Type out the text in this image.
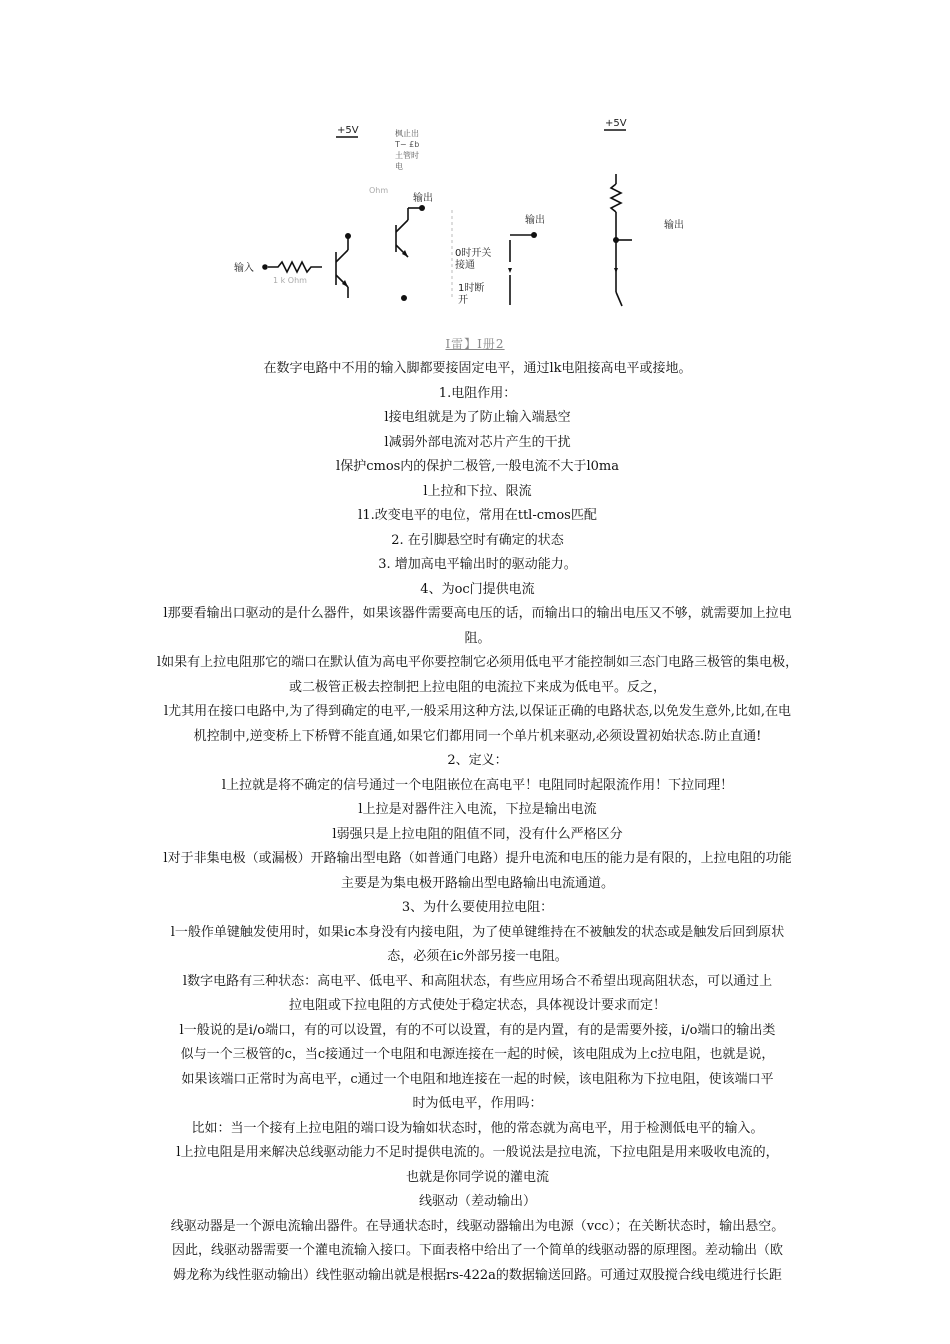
+5V	枫止出
T− £b
土管时
电
Ohm
输出
输出	输出
+5V
输入
1 k Ohm
0时开关
接通
1时断
开
I雷】I册2

在数字电路中不用的输入脚都要接固定电平，通过lk电阻接高电平或接地。

1.电阻作用：

l接电组就是为了防止输入端悬空

l减弱外部电流对芯片产生的干扰

l保护cmos内的保护二极管,一般电流不大于l0ma

l上拉和下拉、限流

l1.改变电平的电位，常用在ttl-cmos匹配

2. 在引脚悬空时有确定的状态

3. 增加高电平输出时的驱动能力。

4、为oc门提供电流

l那要看输出口驱动的是什么器件，如果该器件需要高电压的话，而输出口的输出电压又不够，就需要加上拉电

阻。

l如果有上拉电阻那它的端口在默认值为高电平你要控制它必须用低电平才能控制如三态门电路三极管的集电极，

或二极管正极去控制把上拉电阻的电流拉下来成为低电平。反之，

l尤其用在接口电路中,为了得到确定的电平,一般采用这种方法,以保证正确的电路状态,以免发生意外,比如,在电

机控制中,逆变桥上下桥臂不能直通,如果它们都用同一个单片机来驱动,必须设置初始状态.防止直通!

2、定义：

l上拉就是将不确定的信号通过一个电阻嵌位在高电平！电阻同时起限流作用！下拉同理！

l上拉是对器件注入电流，下拉是输出电流

l弱强只是上拉电阻的阻值不同，没有什么严格区分

l对于非集电极（或漏极）开路输出型电路（如普通门电路）提升电流和电压的能力是有限的，上拉电阻的功能

主要是为集电极开路输出型电路输出电流通道。

3、为什么要使用拉电阻：

l一般作单键触发使用时，如果ic本身没有内接电阻，为了使单键维持在不被触发的状态或是触发后回到原状

态，必须在ic外部另接一电阻。

l数字电路有三种状态：高电平、低电平、和高阻状态，有些应用场合不希望出现高阻状态，可以通过上

拉电阻或下拉电阻的方式使处于稳定状态，具体视设计要求而定！

l一般说的是i/o端口，有的可以设置，有的不可以设置，有的是内置，有的是需要外接，i/o端口的输出类

似与一个三极管的c，当c接通过一个电阻和电源连接在一起的时候，该电阻成为上c拉电阻，也就是说，

如果该端口正常时为高电平，c通过一个电阻和地连接在一起的时候，该电阻称为下拉电阻，使该端口平

时为低电平，作用吗：

比如：当一个接有上拉电阻的端口设为输如状态时，他的常态就为高电平，用于检测低电平的输入。

l上拉电阻是用来解决总线驱动能力不足时提供电流的。一般说法是拉电流，下拉电阻是用来吸收电流的，

也就是你同学说的灌电流

线驱动（差动输出）

线驱动器是一个源电流输出器件。在导通状态时，线驱动器输出为电源（vcc）；在关断状态时，输出悬空。

因此，线驱动器需要一个灌电流输入接口。下面表格中给出了一个简单的线驱动器的原理图。差动输出（欧

姆龙称为线性驱动输出）线性驱动输出就是根据rs-422a的数据输送回路。可通过双股搅合线电缆进行长距
